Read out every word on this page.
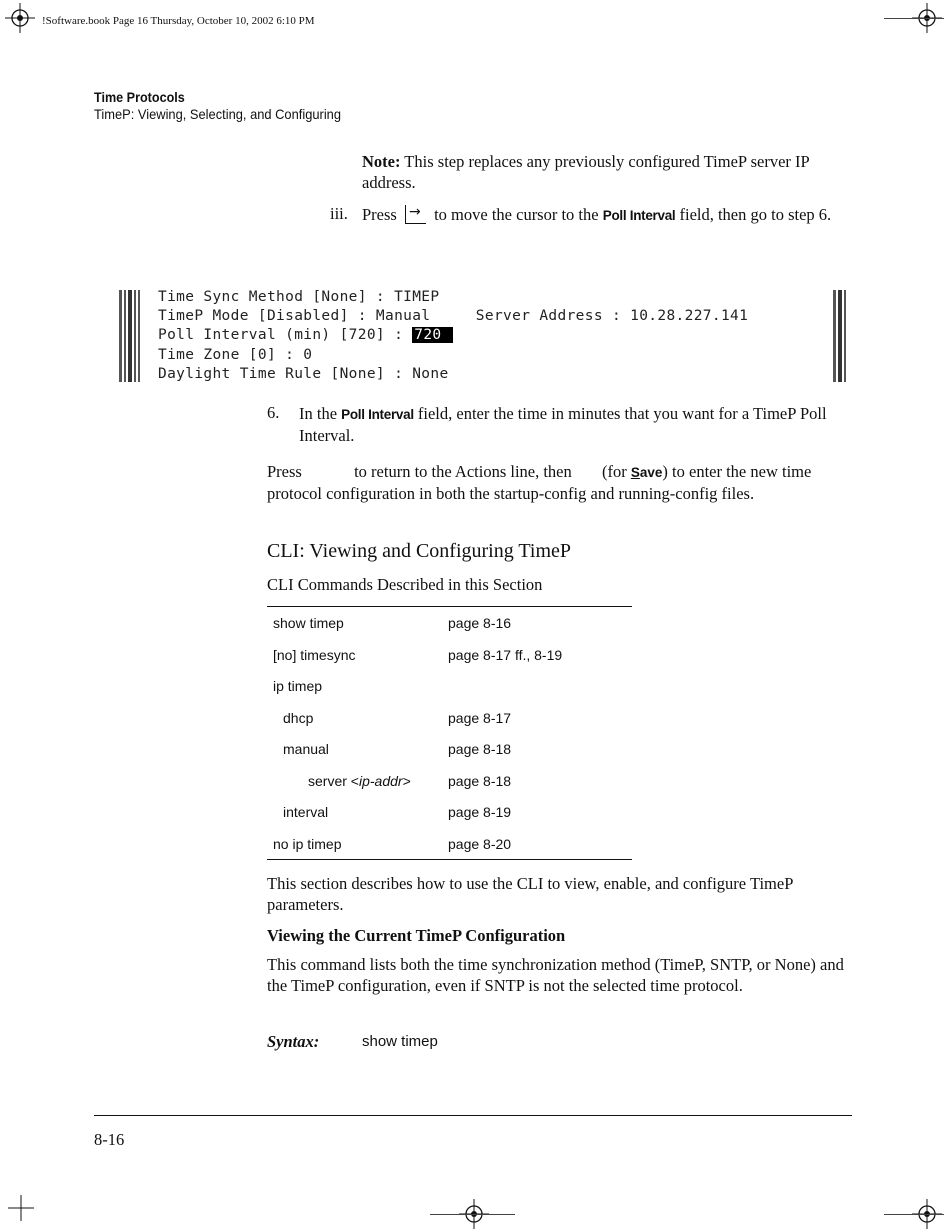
!Software.book Page 16 Thursday, October 10, 2002 6:10 PM
Time Protocols
TimeP: Viewing, Selecting, and Configuring
Note: This step replaces any previously configured TimeP server IP address.
iii. Press → to move the cursor to the Poll Interval field, then go to step 6.
Time Sync Method [None] : TIMEP
TimeP Mode [Disabled] : Manual     Server Address : 10.28.227.141
Poll Interval (min) [720] : 720
Time Zone [0] : 0
Daylight Time Rule [None] : None
6. In the Poll Interval field, enter the time in minutes that you want for a TimeP Poll Interval.
Press	to return to the Actions line, then  (for Save) to enter the new time protocol configuration in both the startup-config and running-config files.
CLI: Viewing and Configuring TimeP
CLI Commands Described in this Section
show timep	page 8-16
[no] timesync	page 8-17 ff., 8-19
ip timep
dhcp	page 8-17
manual	page 8-18
server <ip-addr>	page 8-18
interval	page 8-19
no ip timep	page 8-20
This section describes how to use the CLI to view, enable, and configure TimeP parameters.
Viewing the Current TimeP Configuration
This command lists both the time synchronization method (TimeP, SNTP, or None) and the TimeP configuration, even if SNTP is not the selected time protocol.
Syntax:	show timep
8-16
